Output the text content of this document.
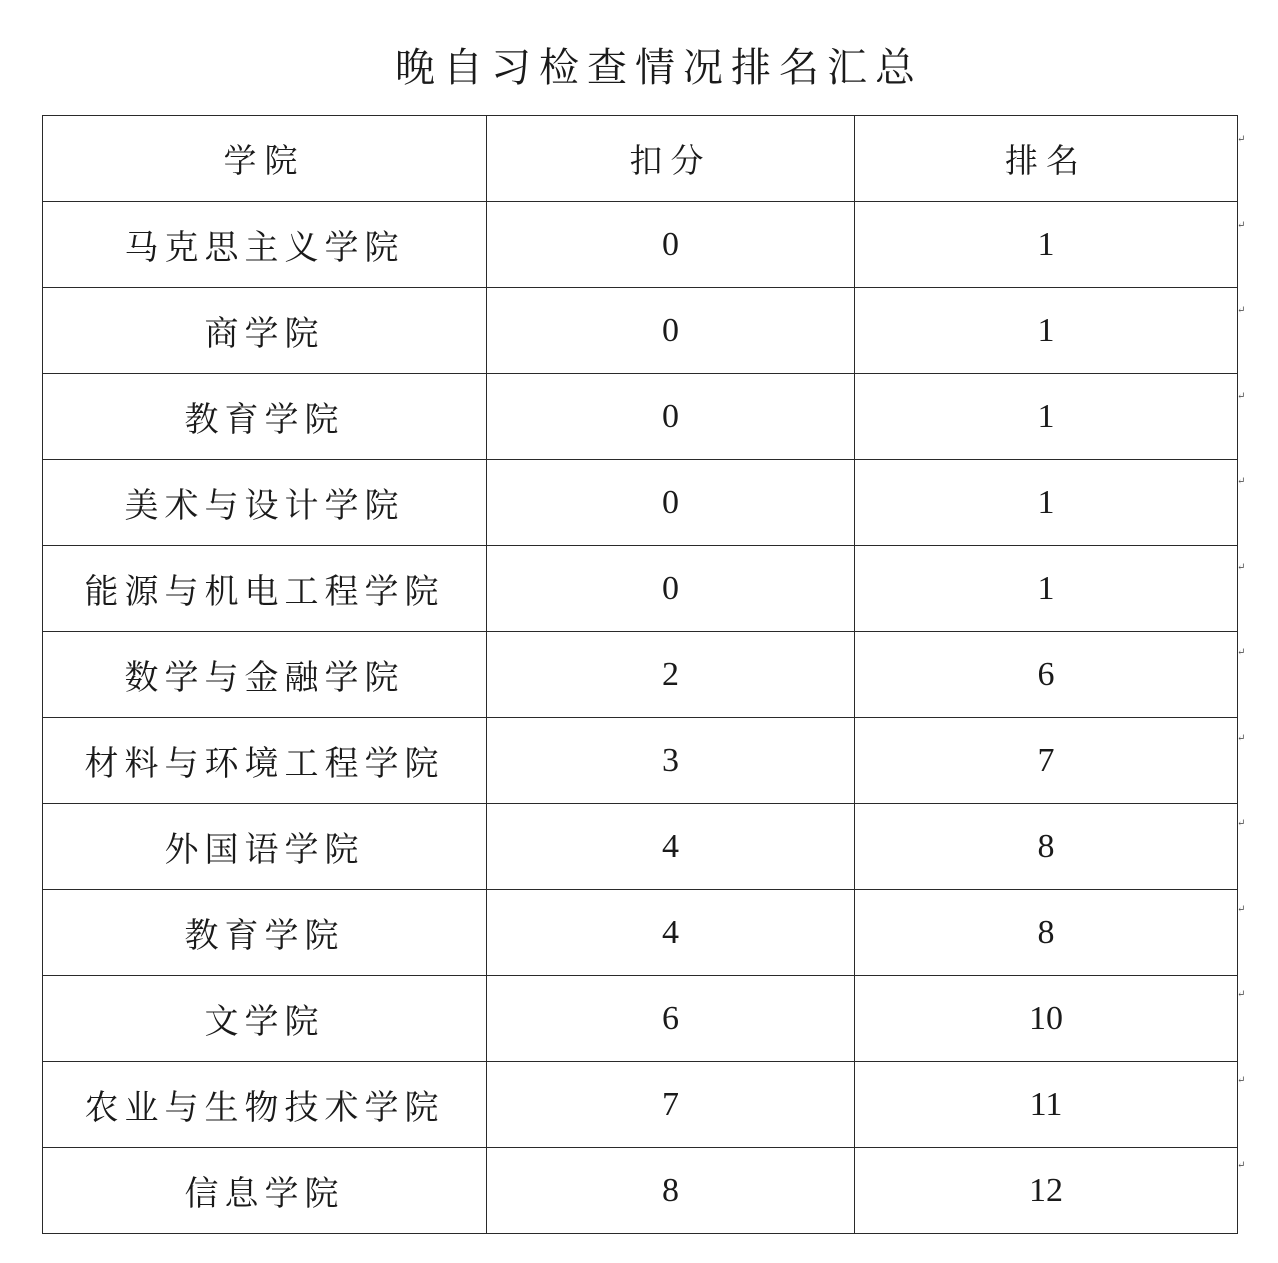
晚自习检查情况排名汇总
学院	扣分	排名
马克思主义学院	0	1
商学院	0	1
教育学院	0	1
美术与设计学院	0	1
能源与机电工程学院	0	1
数学与金融学院	2	6
材料与环境工程学院	3	7
外国语学院	4	8
教育学院	4	8
文学院	6	10
农业与生物技术学院	7	11
信息学院	8	12
↵
↵
↵
↵
↵
↵
↵
↵
↵
↵
↵
↵
↵
